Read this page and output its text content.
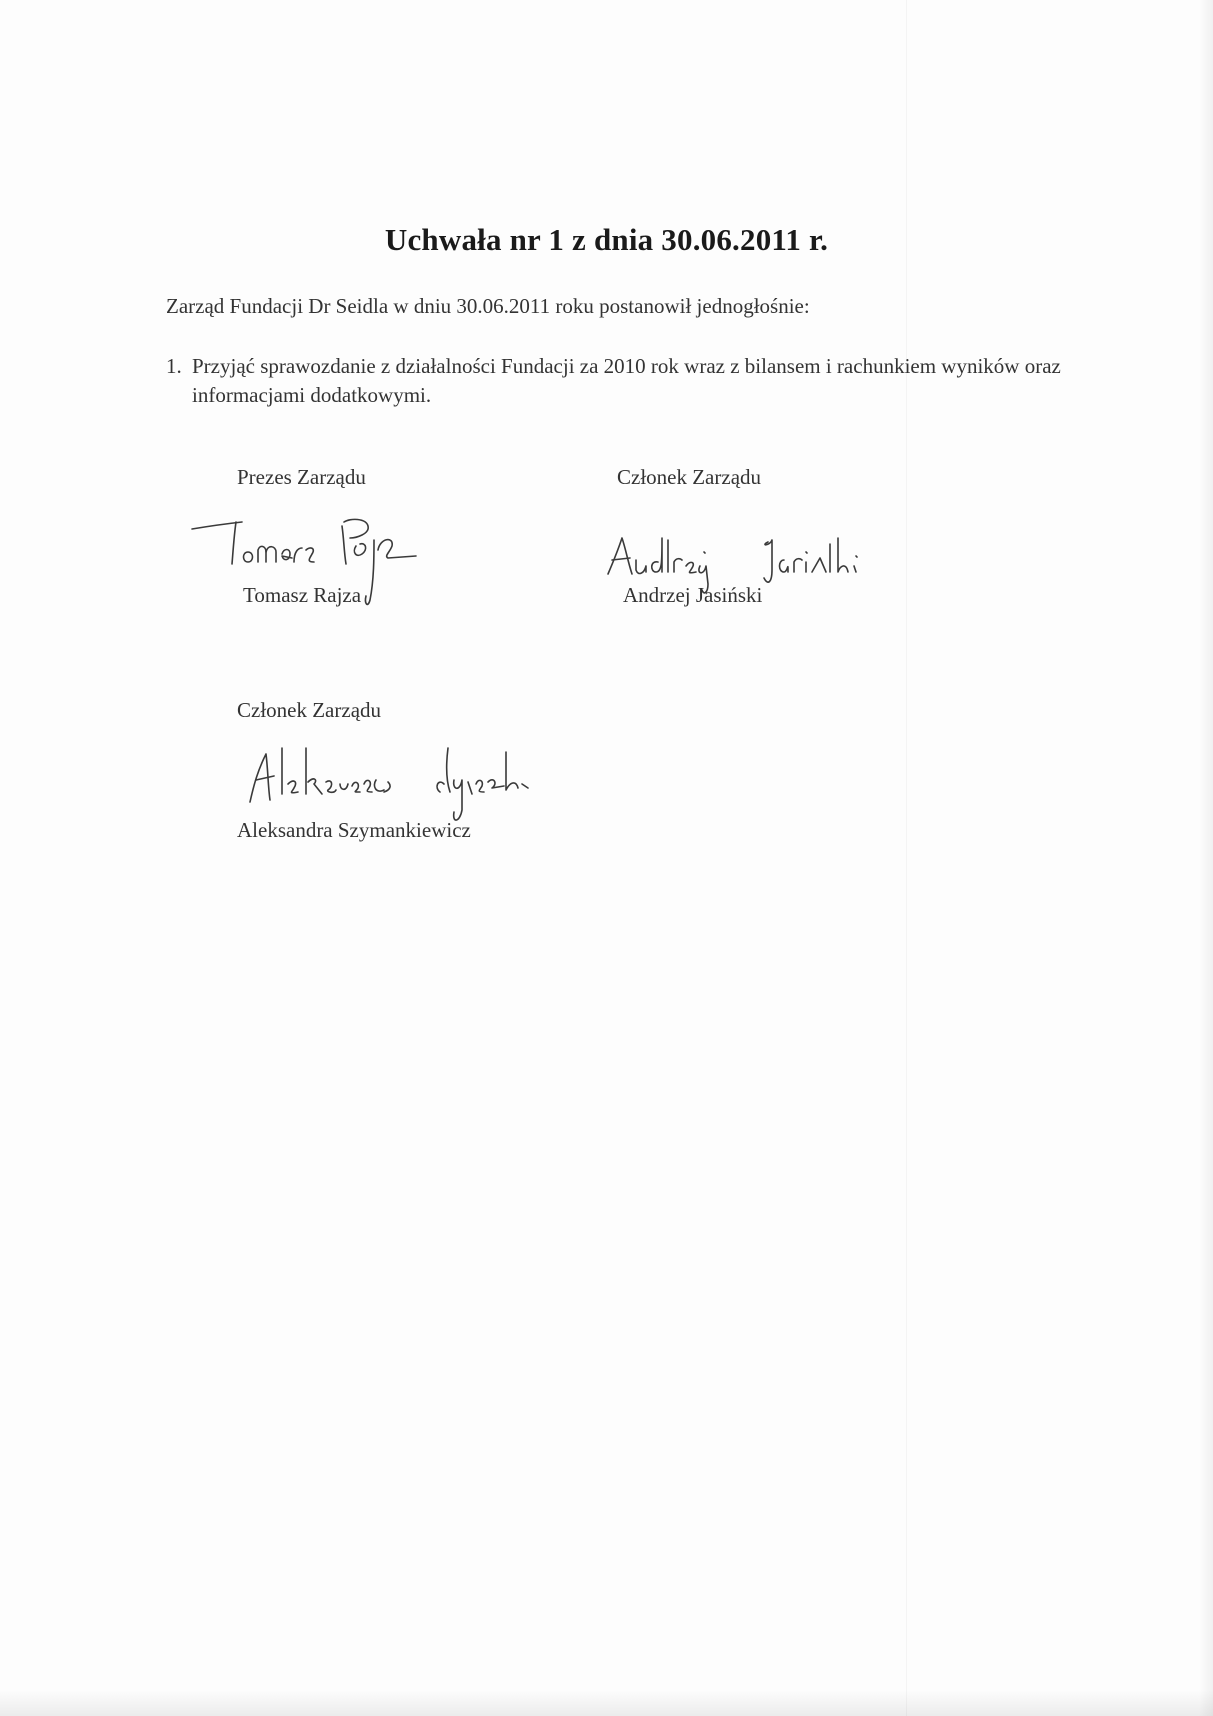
Uchwała nr 1 z dnia 30.06.2011 r.
Zarząd Fundacji Dr Seidla w dniu 30.06.2011 roku postanowił jednogłośnie:
1. Przyjąć sprawozdanie z działalności Fundacji za 2010 rok wraz z bilansem i rachunkiem wyników oraz informacjami dodatkowymi.
Prezes Zarządu
Tomasz Rajza
Członek Zarządu
Andrzej Jasiński
Członek Zarządu
Aleksandra Szymankiewicz
